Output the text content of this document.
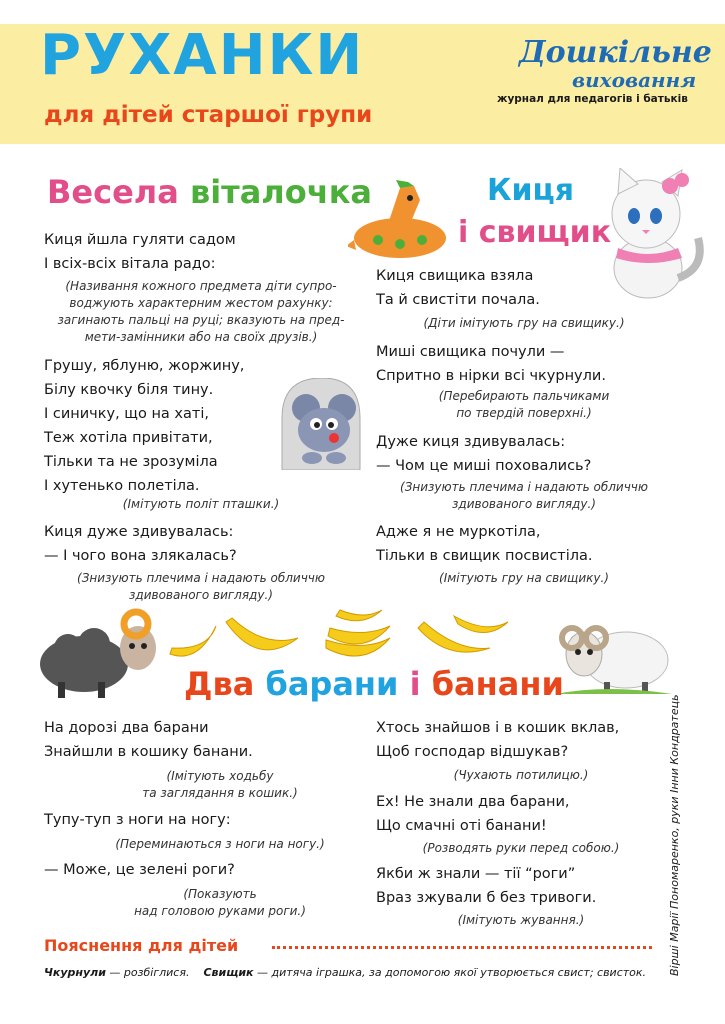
РУХАНКИ
для дітей старшої групи
Дошкільне
виховання
журнал для педагогів і батьків
Весела віталочка
Киця йшла гуляти садом
І всіх-всіх вітала радо:
(Називання кожного предмета діти супро-
воджують характерним жестом рахунку:
загинають пальці на руці; вказують на пред-
мети-замінники або на своїх друзів.)
Грушу, яблуню, жоржину,
Білу квочку біля тину.
І синичку, що на хаті,
Теж хотіла привітати,
Тільки та не зрозуміла
І хутенько полетіла.
(Імітують політ пташки.)
Киця дуже здивувалась:
— І чого вона злякалась?
(Знизують плечима і надають обличчю
здивованого вигляду.)
Киця
і свищик
Киця свищика взяла
Та й свистіти почала.
(Діти імітують гру на свищику.)
Миші свищика почули —
Спритно в нірки всі чкурнули.
(Перебирають пальчиками
по твердій поверхні.)
Дуже киця здивувалась:
— Чом це миші поховались?
(Знизують плечима і надають обличчю
здивованого вигляду.)
Адже я не муркотіла,
Тільки в свищик посвистіла.
(Імітують гру на свищику.)
Два барани і банани
На дорозі два барани
Знайшли в кошику банани.
(Імітують ходьбу
та заглядання в кошик.)
Тупу-туп з ноги на ногу:
(Переминаються з ноги на ногу.)
— Може, це зелені роги?
(Показують
над головою руками роги.)
Хтось знайшов і в кошик вклав,
Щоб господар відшукав?
(Чухають потилицю.)
Ех! Не знали два барани,
Що смачні оті банани!
(Розводять руки перед собою.)
Якби ж знали — тії “роги”
Враз зжували б без тривоги.
(Імітують жування.)
Пояснення для дітей
Чкурнули — розбіглися. Свищик — дитяча іграшка, за допомогою якої утворюється свист; свисток. Вірші Марії Пономаренко, руки Інни Кондратець
